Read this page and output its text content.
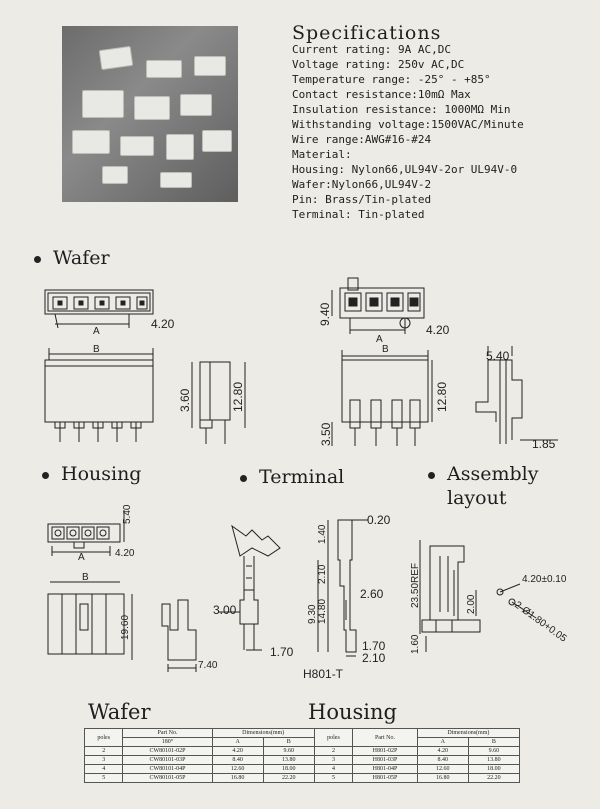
Specifications
Current rating: 9A AC,DC
Voltage rating: 250v AC,DC
Temperature range: -25° - +85°
Contact resistance:10mΩ Max
Insulation resistance: 1000MΩ Min
Withstanding voltage:1500VAC/Minute
Wire range:AWG#16-#24
Material:
Housing: Nylon66,UL94V-2or UL94V-0
Wafer:Nylon66,UL94V-2
Pin: Brass/Tin-plated
Terminal: Tin-plated
Wafer
Housing	Terminal	Assembly
layout
A
4.20
B
3.60	12.80
9.40
A
4.20
B
12.80
3.50
5.40
1.85
5.40
A	4.20
B
19.60
7.40
3.00
1.70
0.20
1.40
2.10
2.60
14.80
9.30
1.70
2.10
H801-T
23.50REF	2.00
1.60
4.20±0.10
2-Ø1.80+0.05
Wafer	Housing
poles	Part No.	Dimensions(mm)		poles	Part No.	Dimensions(mm)	
	180°	A	B			A	B
2	CW80101-02P	4.20	9.60	2	H801-02P	4.20	9.60
3	CW80101-03P	8.40	13.80	3	H801-03P	8.40	13.80
4	CW80101-04P	12.60	18.00	4	H801-04P	12.60	18.00
5	CW80101-05P	16.80	22.20	5	H801-05P	16.80	22.20
